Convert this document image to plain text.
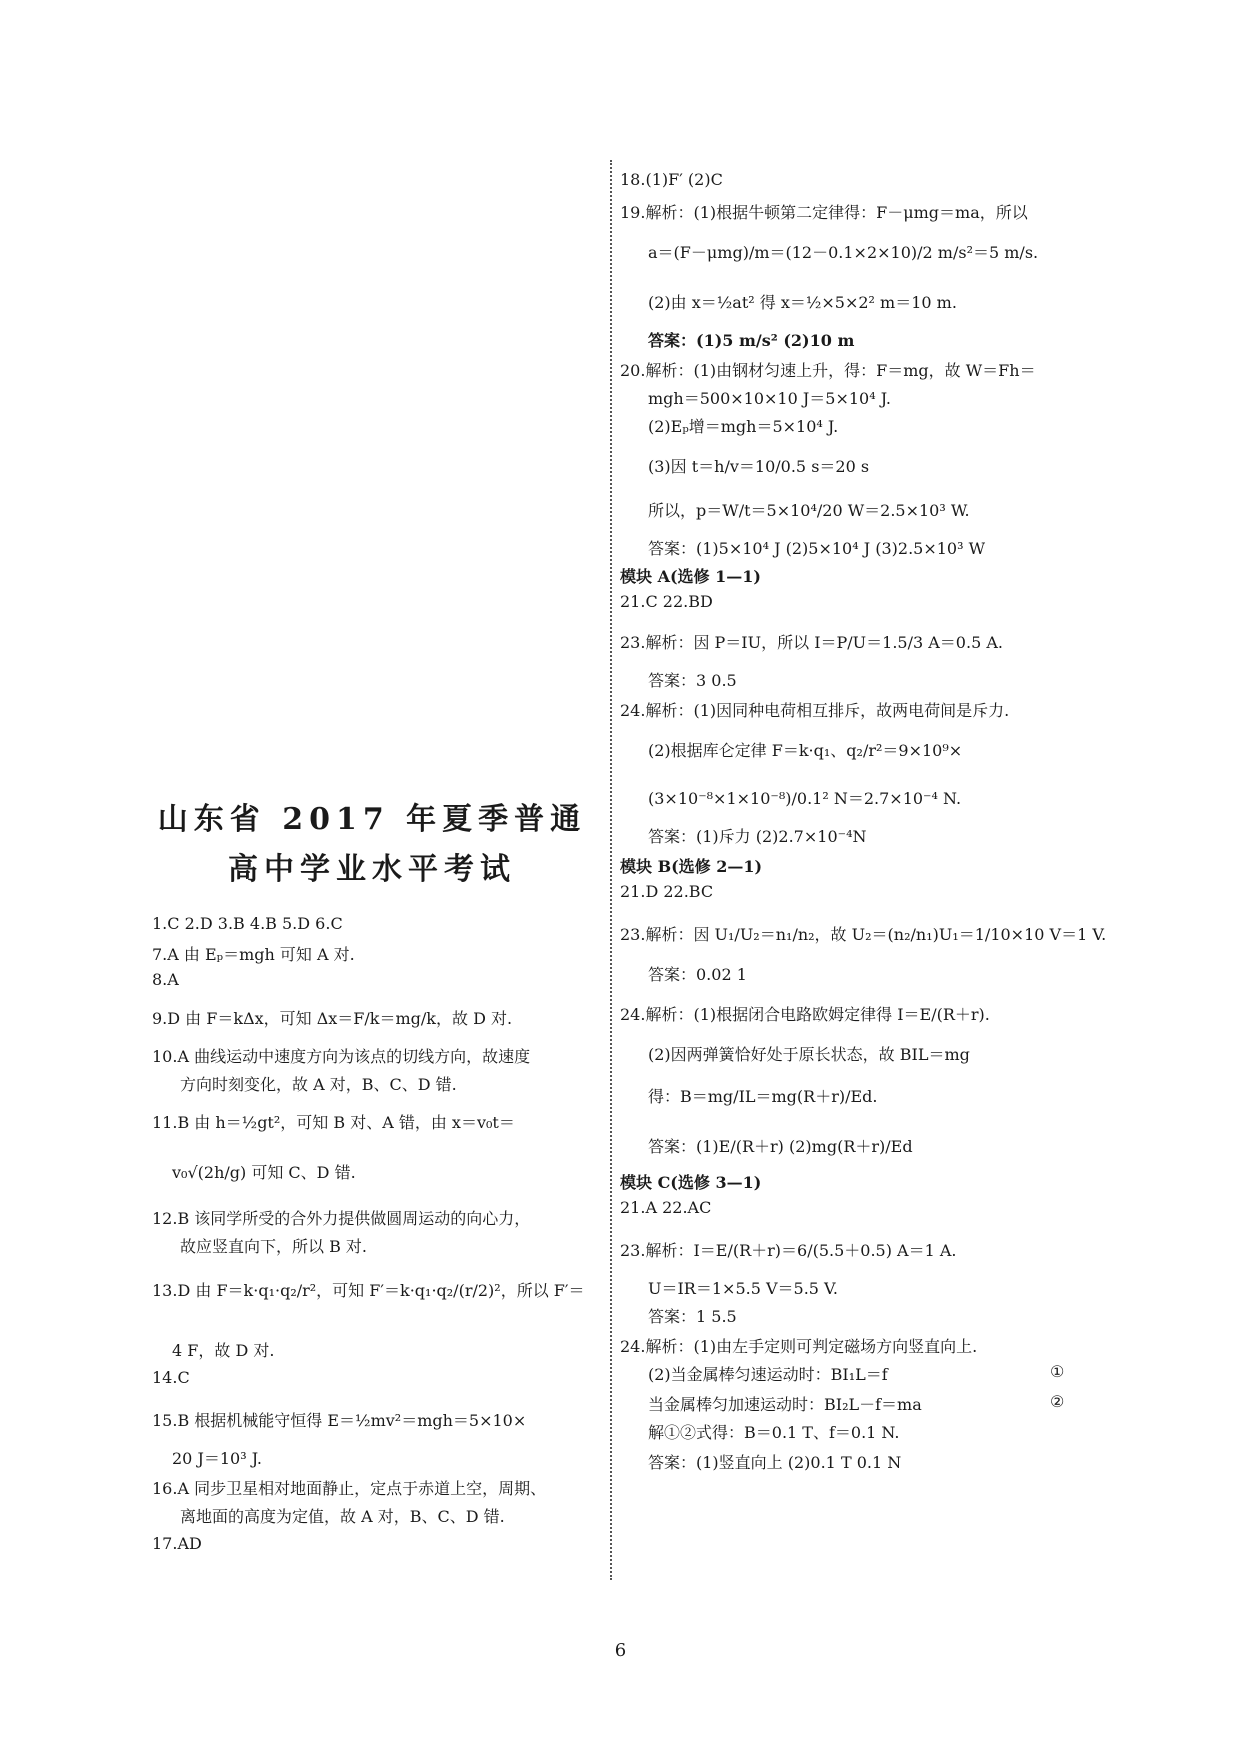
山东省 2017 年夏季普通
高中学业水平考试
1.C 2.D 3.B 4.B 5.D 6.C
7.A 由 Eₚ＝mgh 可知 A 对.
8.A
9.D 由 F＝kΔx，可知 Δx＝F/k＝mg/k，故 D 对.
10.A 曲线运动中速度方向为该点的切线方向，故速度
方向时刻变化，故 A 对，B、C、D 错.
11.B 由 h＝½gt²，可知 B 对、A 错，由 x＝v₀t＝
v₀√(2h/g) 可知 C、D 错.
12.B 该同学所受的合外力提供做圆周运动的向心力，
故应竖直向下，所以 B 对.
13.D 由 F＝k·q₁·q₂/r²，可知 F′＝k·q₁·q₂/(r/2)²，所以 F′＝
4 F，故 D 对.
14.C
15.B 根据机械能守恒得 E＝½mv²＝mgh＝5×10×
20 J＝10³ J.
16.A 同步卫星相对地面静止，定点于赤道上空，周期、
离地面的高度为定值，故 A 对，B、C、D 错.
17.AD
18.(1)F′ (2)C
19.解析：(1)根据牛顿第二定律得：F－μmg＝ma，所以
a＝(F－μmg)/m＝(12－0.1×2×10)/2 m/s²＝5 m/s.
(2)由 x＝½at² 得 x＝½×5×2² m＝10 m.
答案：(1)5 m/s² (2)10 m
20.解析：(1)由钢材匀速上升，得：F＝mg，故 W＝Fh＝
mgh＝500×10×10 J＝5×10⁴ J.
(2)Eₚ增＝mgh＝5×10⁴ J.
(3)因 t＝h/v＝10/0.5 s＝20 s
所以，p＝W/t＝5×10⁴/20 W＝2.5×10³ W.
答案：(1)5×10⁴ J (2)5×10⁴ J (3)2.5×10³ W
模块 A(选修 1—1)
21.C 22.BD
23.解析：因 P＝IU，所以 I＝P/U＝1.5/3 A＝0.5 A.
答案：3 0.5
24.解析：(1)因同种电荷相互排斥，故两电荷间是斥力.
(2)根据库仑定律 F＝k·q₁、q₂/r²＝9×10⁹×
(3×10⁻⁸×1×10⁻⁸)/0.1² N＝2.7×10⁻⁴ N.
答案：(1)斥力 (2)2.7×10⁻⁴N
模块 B(选修 2—1)
21.D 22.BC
23.解析：因 U₁/U₂＝n₁/n₂，故 U₂＝(n₂/n₁)U₁＝1/10×10 V＝1 V.
答案：0.02 1
24.解析：(1)根据闭合电路欧姆定律得 I＝E/(R＋r).
(2)因两弹簧恰好处于原长状态，故 BIL＝mg
得：B＝mg/IL＝mg(R＋r)/Ed.
答案：(1)E/(R＋r) (2)mg(R＋r)/Ed
模块 C(选修 3—1)
21.A 22.AC
23.解析：I＝E/(R＋r)＝6/(5.5＋0.5) A＝1 A.
U＝IR＝1×5.5 V＝5.5 V.
答案：1 5.5
24.解析：(1)由左手定则可判定磁场方向竖直向上.
(2)当金属棒匀速运动时：BI₁L＝f	①
当金属棒匀加速运动时：BI₂L－f＝ma	②
解①②式得：B＝0.1 T、f＝0.1 N.
答案：(1)竖直向上 (2)0.1 T 0.1 N
6
